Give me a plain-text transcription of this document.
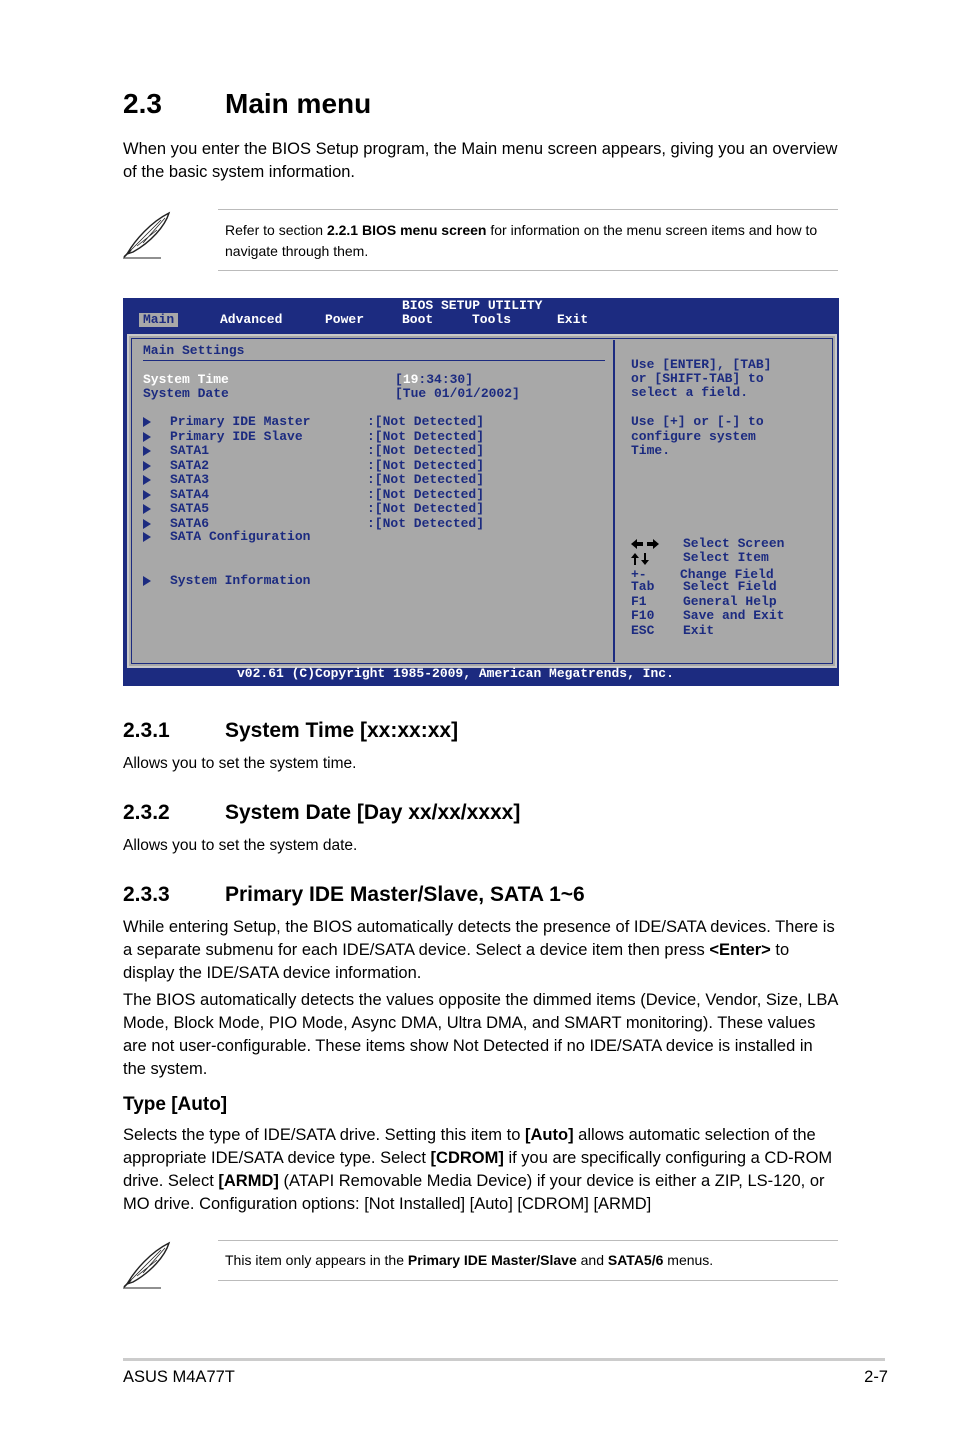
2.3 Main menu

When you enter the BIOS Setup program, the Main menu screen appears, giving you an overview of the basic system information.

Refer to section 2.2.1 BIOS menu screen for information on the menu screen items and how to navigate through them.
BIOS SETUP UTILITY
Main	Advanced	Power	Boot	Tools	Exit
Main Settings
System Time	[19:34:30]
System Date	[Tue 01/01/2002]
Primary IDE Master	:[Not Detected]
Primary IDE Slave	:[Not Detected]
SATA1	:[Not Detected]
SATA2	:[Not Detected]
SATA3	:[Not Detected]
SATA4	:[Not Detected]
SATA5	:[Not Detected]
SATA6	:[Not Detected]
SATA Configuration
System Information
Use [ENTER], [TAB]
or [SHIFT-TAB] to
select a field.
Use [+] or [-] to
configure system
Time.
Select Screen
Select Item
+-	Change Field
Tab Select Field
F1	General Help
F10 Save and Exit
ESC Exit
v02.61 (C)Copyright 1985-2009, American Megatrends, Inc.
2.3.1	System Time [xx:xx:xx]

Allows you to set the system time.

2.3.2	System Date [Day xx/xx/xxxx]

Allows you to set the system date.

2.3.3	Primary IDE Master/Slave, SATA 1~6

While entering Setup, the BIOS automatically detects the presence of IDE/SATA devices. There is a separate submenu for each IDE/SATA device. Select a device item then press <Enter> to display the IDE/SATA device information.

The BIOS automatically detects the values opposite the dimmed items (Device, Vendor, Size, LBA Mode, Block Mode, PIO Mode, Async DMA, Ultra DMA, and SMART monitoring). These values are not user-configurable. These items show Not Detected if no IDE/SATA device is installed in the system.

Type [Auto]

Selects the type of IDE/SATA drive. Setting this item to [Auto] allows automatic selection of the appropriate IDE/SATA device type. Select [CDROM] if you are specifically configuring a CD-ROM drive. Select [ARMD] (ATAPI Removable Media Device) if your device is either a ZIP, LS-120, or MO drive. Configuration options: [Not Installed] [Auto] [CDROM] [ARMD]

This item only appears in the Primary IDE Master/Slave and SATA5/6 menus.
ASUS M4A77T	2-7
